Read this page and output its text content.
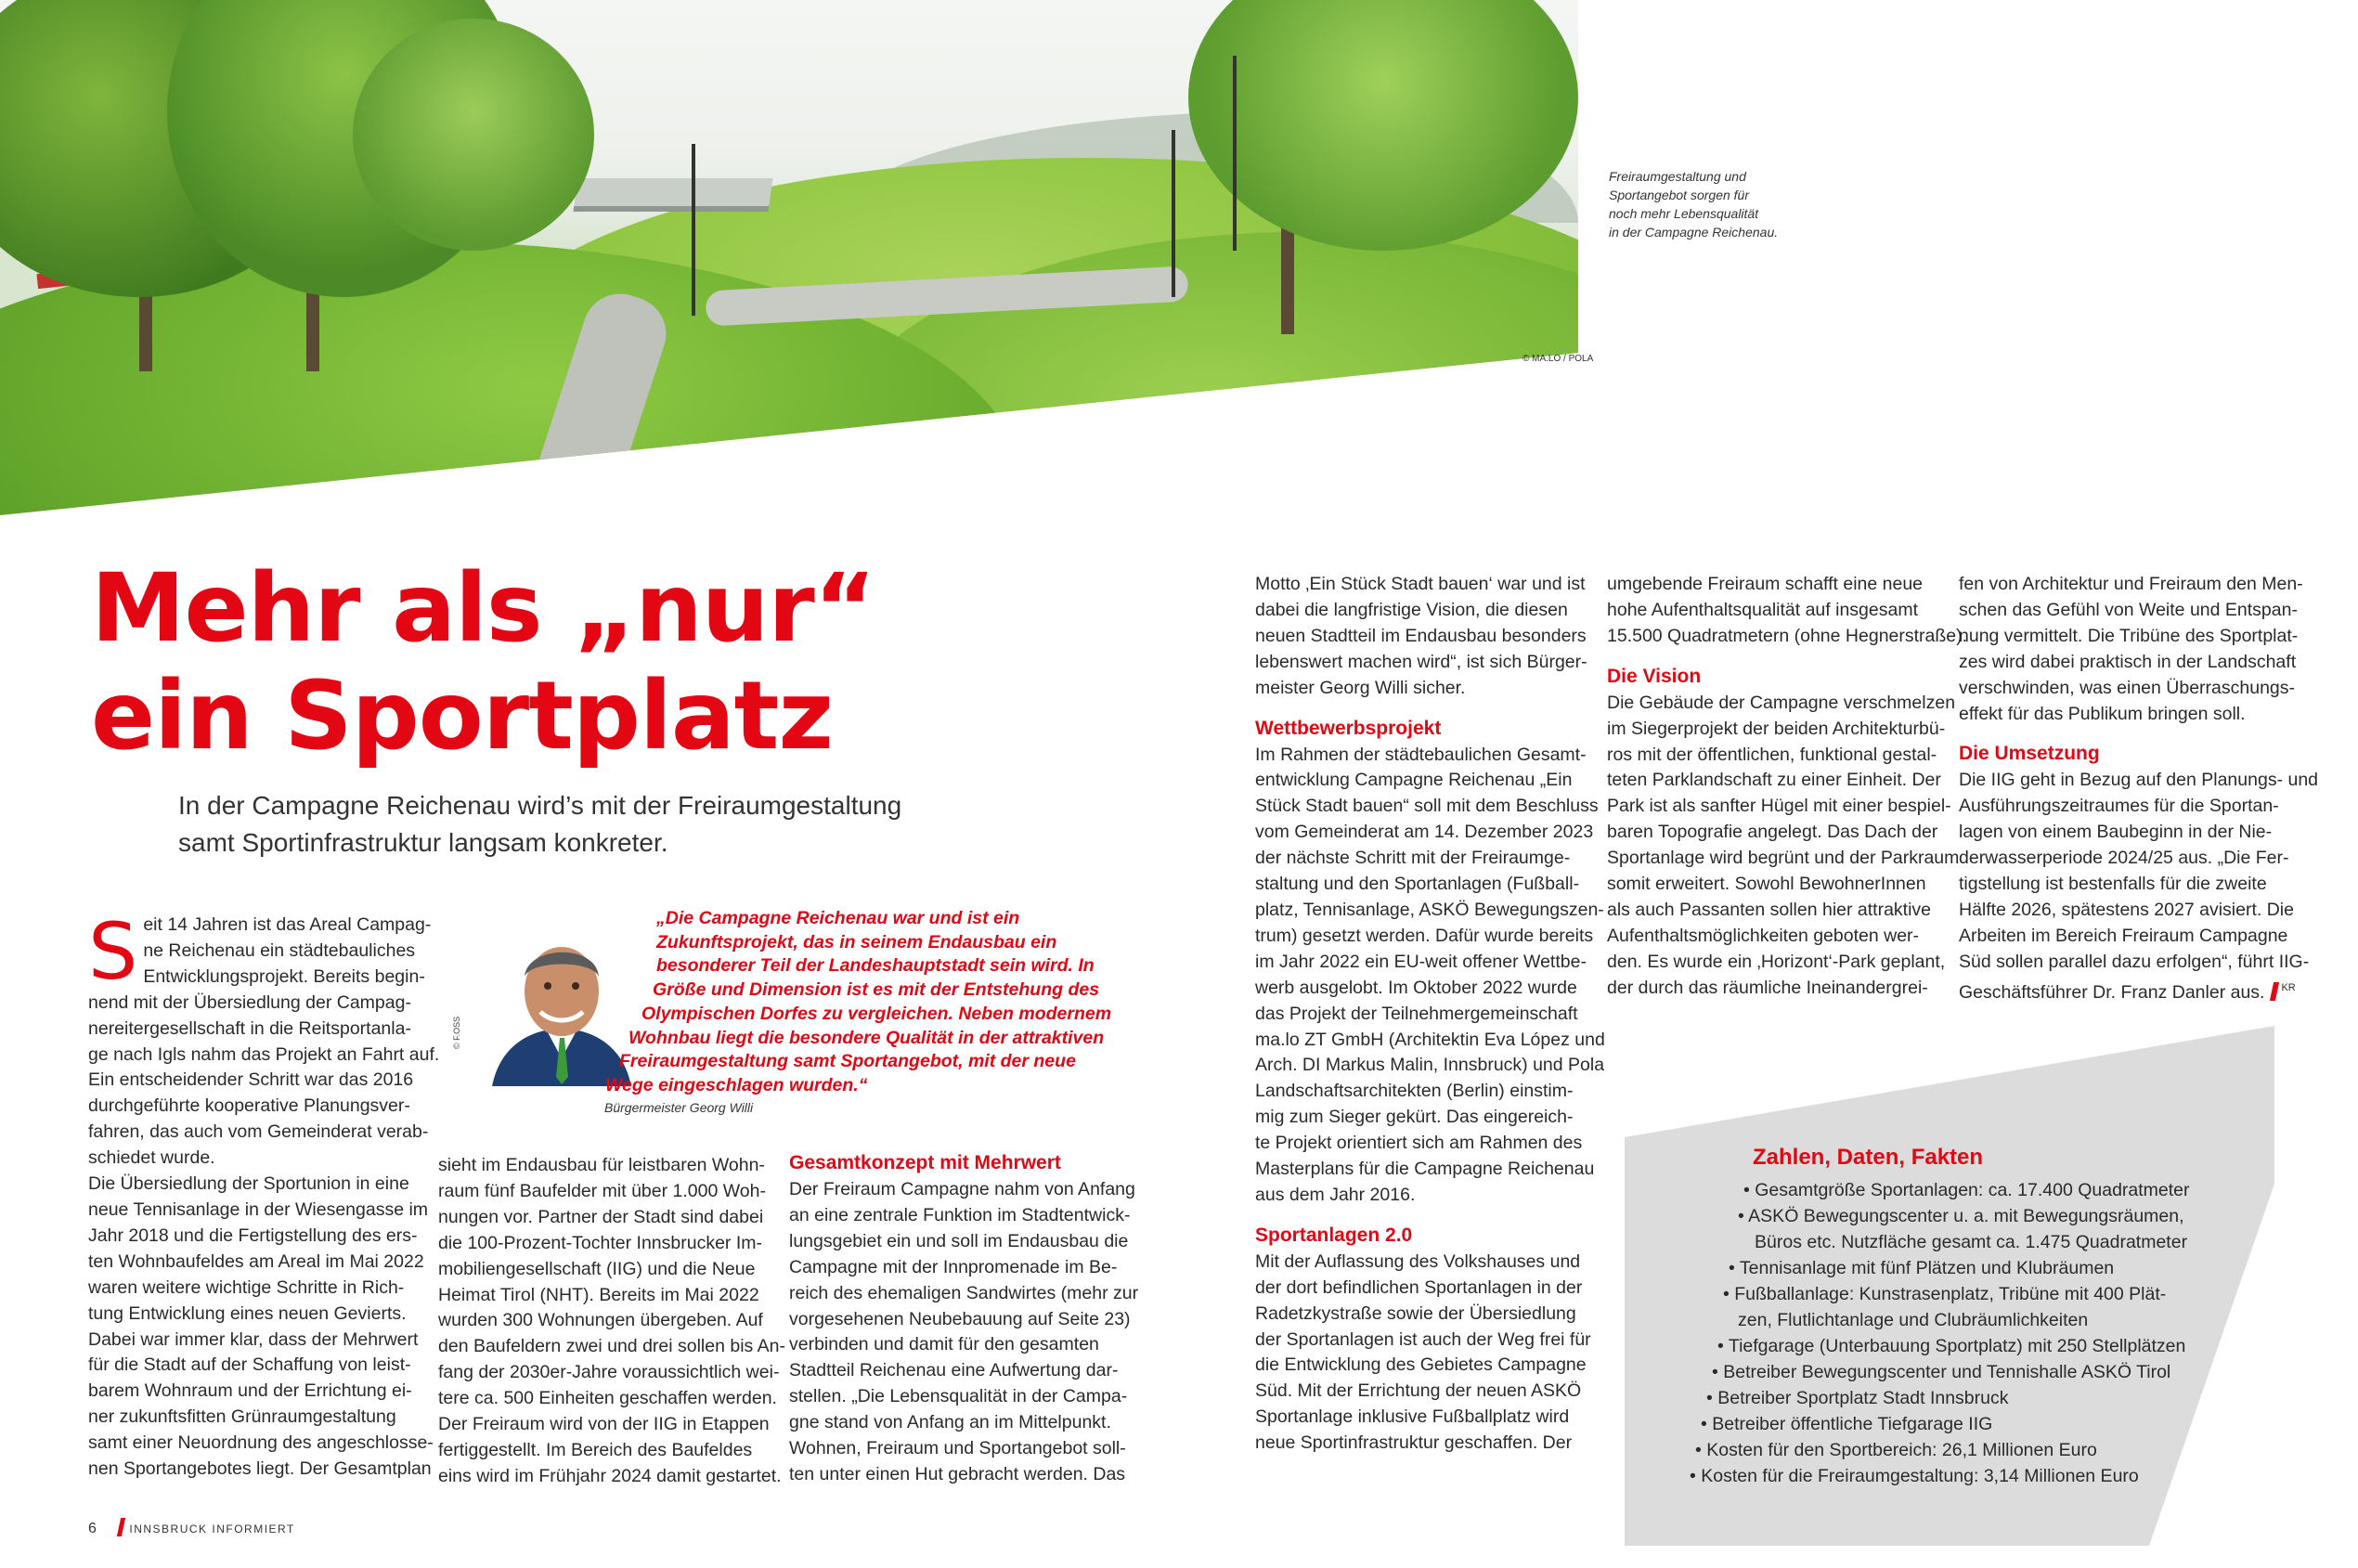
Freiraumgestaltung und
Sportangebot sorgen für
noch mehr Lebensqualität
in der Campagne Reichenau.
© MA.LO / POLA
Mehr als „nur“
ein Sportplatz
In der Campagne Reichenau wird’s mit der Freiraumgestaltung
samt Sportinfrastruktur langsam konkreter.
S eit 14 Jahren ist das Areal Campag-
ne Reichenau ein städtebauliches
Entwicklungsprojekt. Bereits begin-
nend mit der Übersiedlung der Campag-
nereitergesellschaft in die Reitsportanla-
ge nach Igls nahm das Projekt an Fahrt auf.
Ein entscheidender Schritt war das 2016
durchgeführte kooperative Planungsver-
fahren, das auch vom Gemeinderat verab-
schiedet wurde.
Die Übersiedlung der Sportunion in eine
neue Tennisanlage in der Wiesengasse im
Jahr 2018 und die Fertigstellung des ers-
ten Wohnbaufeldes am Areal im Mai 2022
waren weitere wichtige Schritte in Rich-
tung Entwicklung eines neuen Gevierts.
Dabei war immer klar, dass der Mehrwert
für die Stadt auf der Schaffung von leist-
barem Wohnraum und der Errichtung ei-
ner zukunftsfitten Grünraumgestaltung
samt einer Neuordnung des angeschlosse-
nen Sportangebotes liegt. Der Gesamtplan
© F.OSS
„Die Campagne Reichenau war und ist ein
Zukunftsprojekt, das in seinem Endausbau ein
besonderer Teil der Landeshauptstadt sein wird. In
Größe und Dimension ist es mit der Entstehung des
Olympischen Dorfes zu vergleichen. Neben modernem
Wohnbau liegt die besondere Qualität in der attraktiven
Freiraumgestaltung samt Sportangebot, mit der neue
Wege eingeschlagen wurden.“
Bürgermeister Georg Willi
sieht im Endausbau für leistbaren Wohn-
raum fünf Baufelder mit über 1.000 Woh-
nungen vor. Partner der Stadt sind dabei
die 100-Prozent-Tochter Innsbrucker Im-
mobiliengesellschaft (IIG) und die Neue
Heimat Tirol (NHT). Bereits im Mai 2022
wurden 300 Wohnungen übergeben. Auf
den Baufeldern zwei und drei sollen bis An-
fang der 2030er-Jahre voraussichtlich wei-
tere ca. 500 Einheiten geschaffen werden.
Der Freiraum wird von der IIG in Etappen
fertiggestellt. Im Bereich des Baufeldes
eins wird im Frühjahr 2024 damit gestartet.
Gesamtkonzept mit Mehrwert
Der Freiraum Campagne nahm von Anfang
an eine zentrale Funktion im Stadtentwick-
lungsgebiet ein und soll im Endausbau die
Campagne mit der Innpromenade im Be-
reich des ehemaligen Sandwirtes (mehr zur
vorgesehenen Neubebauung auf Seite 23)
verbinden und damit für den gesamten
Stadtteil Reichenau eine Aufwertung dar-
stellen. „Die Lebensqualität in der Campa-
gne stand von Anfang an im Mittelpunkt.
Wohnen, Freiraum und Sportangebot soll-
ten unter einen Hut gebracht werden. Das
Motto ‚Ein Stück Stadt bauen‘ war und ist
dabei die langfristige Vision, die diesen
neuen Stadtteil im Endausbau besonders
lebenswert machen wird“, ist sich Bürger-
meister Georg Willi sicher.
Wettbewerbsprojekt
Im Rahmen der städtebaulichen Gesamt-
entwicklung Campagne Reichenau „Ein
Stück Stadt bauen“ soll mit dem Beschluss
vom Gemeinderat am 14. Dezember 2023
der nächste Schritt mit der Freiraumge-
staltung und den Sportanlagen (Fußball-
platz, Tennisanlage, ASKÖ Bewegungszen-
trum) gesetzt werden. Dafür wurde bereits
im Jahr 2022 ein EU-weit offener Wettbe-
werb ausgelobt. Im Oktober 2022 wurde
das Projekt der Teilnehmergemeinschaft
ma.lo ZT GmbH (Architektin Eva López und
Arch. DI Markus Malin, Innsbruck) und Pola
Landschaftsarchitekten (Berlin) einstim-
mig zum Sieger gekürt. Das eingereich-
te Projekt orientiert sich am Rahmen des
Masterplans für die Campagne Reichenau
aus dem Jahr 2016.
Sportanlagen 2.0
Mit der Auflassung des Volkshauses und
der dort befindlichen Sportanlagen in der
Radetzkystraße sowie der Übersiedlung
der Sportanlagen ist auch der Weg frei für
die Entwicklung des Gebietes Campagne
Süd. Mit der Errichtung der neuen ASKÖ
Sportanlage inklusive Fußballplatz wird
neue Sportinfrastruktur geschaffen. Der
umgebende Freiraum schafft eine neue
hohe Aufenthaltsqualität auf insgesamt
15.500 Quadratmetern (ohne Hegnerstraße).
Die Vision
Die Gebäude der Campagne verschmelzen
im Siegerprojekt der beiden Architekturbü-
ros mit der öffentlichen, funktional gestal-
teten Parklandschaft zu einer Einheit. Der
Park ist als sanfter Hügel mit einer bespiel-
baren Topografie angelegt. Das Dach der
Sportanlage wird begrünt und der Parkraum
somit erweitert. Sowohl BewohnerInnen
als auch Passanten sollen hier attraktive
Aufenthaltsmöglichkeiten geboten wer-
den. Es wurde ein ‚Horizont‘-Park geplant,
der durch das räumliche Ineinandergrei-
fen von Architektur und Freiraum den Men-
schen das Gefühl von Weite und Entspan-
nung vermittelt. Die Tribüne des Sportplat-
zes wird dabei praktisch in der Landschaft
verschwinden, was einen Überraschungs-
effekt für das Publikum bringen soll.
Die Umsetzung
Die IIG geht in Bezug auf den Planungs- und
Ausführungszeitraumes für die Sportan-
lagen von einem Baubeginn in der Nie-
derwasserperiode 2024/25 aus. „Die Fer-
tigstellung ist bestenfalls für die zweite
Hälfte 2026, spätestens 2027 avisiert. Die
Arbeiten im Bereich Freiraum Campagne
Süd sollen parallel dazu erfolgen“, führt IIG-
Geschäftsführer Dr. Franz Danler aus. $^{KR}$
Zahlen, Daten, Fakten
• Gesamtgröße Sportanlagen: ca. 17.400 Quadratmeter
• ASKÖ Bewegungscenter u. a. mit Bewegungsräumen,
Büros etc. Nutzfläche gesamt ca. 1.475 Quadratmeter
• Tennisanlage mit fünf Plätzen und Klubräumen
• Fußballanlage: Kunstrasenplatz, Tribüne mit 400 Plät-
zen, Flutlichtanlage und Clubräumlichkeiten
• Tiefgarage (Unterbauung Sportplatz) mit 250 Stellplätzen
• Betreiber Bewegungscenter und Tennishalle ASKÖ Tirol
• Betreiber Sportplatz Stadt Innsbruck
• Betreiber öffentliche Tiefgarage IIG
• Kosten für den Sportbereich: 26,1 Millionen Euro
• Kosten für die Freiraumgestaltung: 3,14 Millionen Euro
6	INNSBRUCK INFORMIERT
